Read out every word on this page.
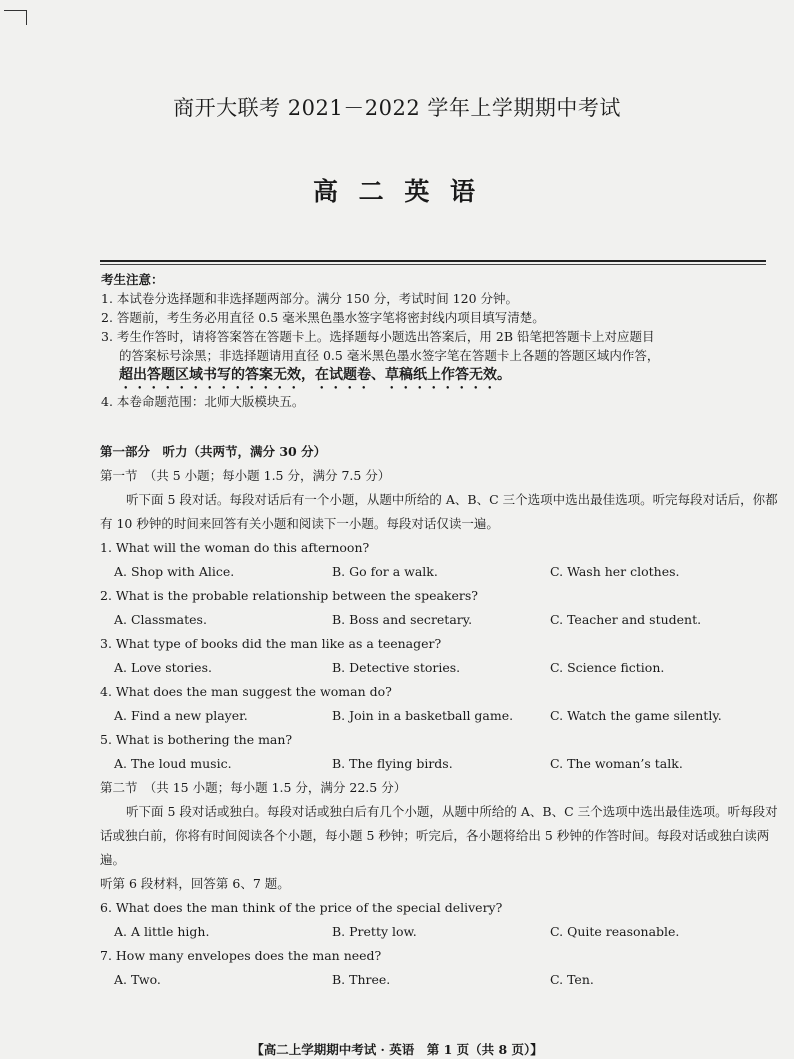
商开大联考 2021－2022 学年上学期期中考试
高 二 英 语
考生注意：
1. 本试卷分选择题和非选择题两部分。满分 150 分，考试时间 120 分钟。
2. 答题前，考生务必用直径 0.5 毫米黑色墨水签字笔将密封线内项目填写清楚。
3. 考生作答时，请将答案答在答题卡上。选择题每小题选出答案后，用 2B 铅笔把答题卡上对应题目的答案标号涂黑；非选择题请用直径 0.5 毫米黑色墨水签字笔在答题卡上各题的答题区域内作答，超出答题区域书写的答案无效，在试题卷、草稿纸上作答无效。
4. 本卷命题范围：北师大版模块五。
第一部分　听力（共两节，满分 30 分）
第一节　（共 5 小题；每小题 1.5 分，满分 7.5 分）

听下面 5 段对话。每段对话后有一个小题，从题中所给的 A、B、C 三个选项中选出最佳选项。听完每段对话后，你都有 10 秒钟的时间来回答有关小题和阅读下一小题。每段对话仅读一遍。

1. What will the woman do this afternoon?
A. Shop with Alice.	B. Go for a walk.	C. Wash her clothes.
2. What is the probable relationship between the speakers?
A. Classmates.	B. Boss and secretary.	C. Teacher and student.
3. What type of books did the man like as a teenager?
A. Love stories.	B. Detective stories.	C. Science fiction.
4. What does the man suggest the woman do?
A. Find a new player.	B. Join in a basketball game.	C. Watch the game silently.
5. What is bothering the man?
A. The loud music.	B. The flying birds.	C. The woman’s talk.
第二节　（共 15 小题；每小题 1.5 分，满分 22.5 分）

听下面 5 段对话或独白。每段对话或独白后有几个小题，从题中所给的 A、B、C 三个选项中选出最佳选项。听每段对话或独白前，你将有时间阅读各个小题，每小题 5 秒钟；听完后，各小题将给出 5 秒钟的作答时间。每段对话或独白读两遍。

听第 6 段材料，回答第 6、7 题。
6. What does the man think of the price of the special delivery?
A. A little high.	B. Pretty low.	C. Quite reasonable.
7. How many envelopes does the man need?
A. Two.	B. Three.	C. Ten.
【高二上学期期中考试 · 英语　第 1 页（共 8 页）】
